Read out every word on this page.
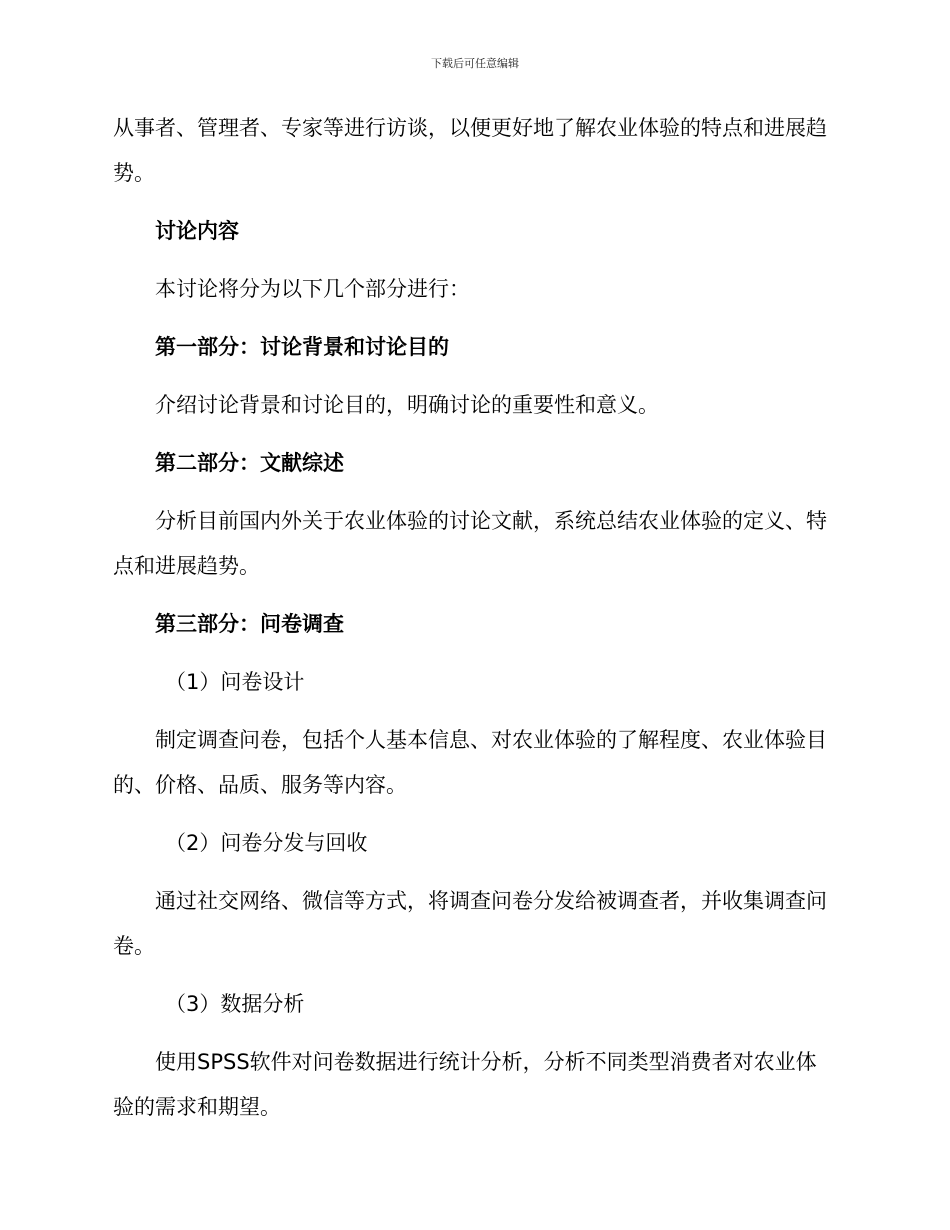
下载后可任意编辑

从事者、管理者、专家等进行访谈，以便更好地了解农业体验的特点和进展趋势。

讨论内容

本讨论将分为以下几个部分进行：

第一部分：讨论背景和讨论目的

介绍讨论背景和讨论目的，明确讨论的重要性和意义。

第二部分：文献综述

分析目前国内外关于农业体验的讨论文献，系统总结农业体验的定义、特点和进展趋势。

第三部分：问卷调查

（1）问卷设计

制定调查问卷，包括个人基本信息、对农业体验的了解程度、农业体验目的、价格、品质、服务等内容。

（2）问卷分发与回收

通过社交网络、微信等方式，将调查问卷分发给被调查者，并收集调查问卷。

（3）数据分析

使用SPSS软件对问卷数据进行统计分析，分析不同类型消费者对农业体验的需求和期望。
